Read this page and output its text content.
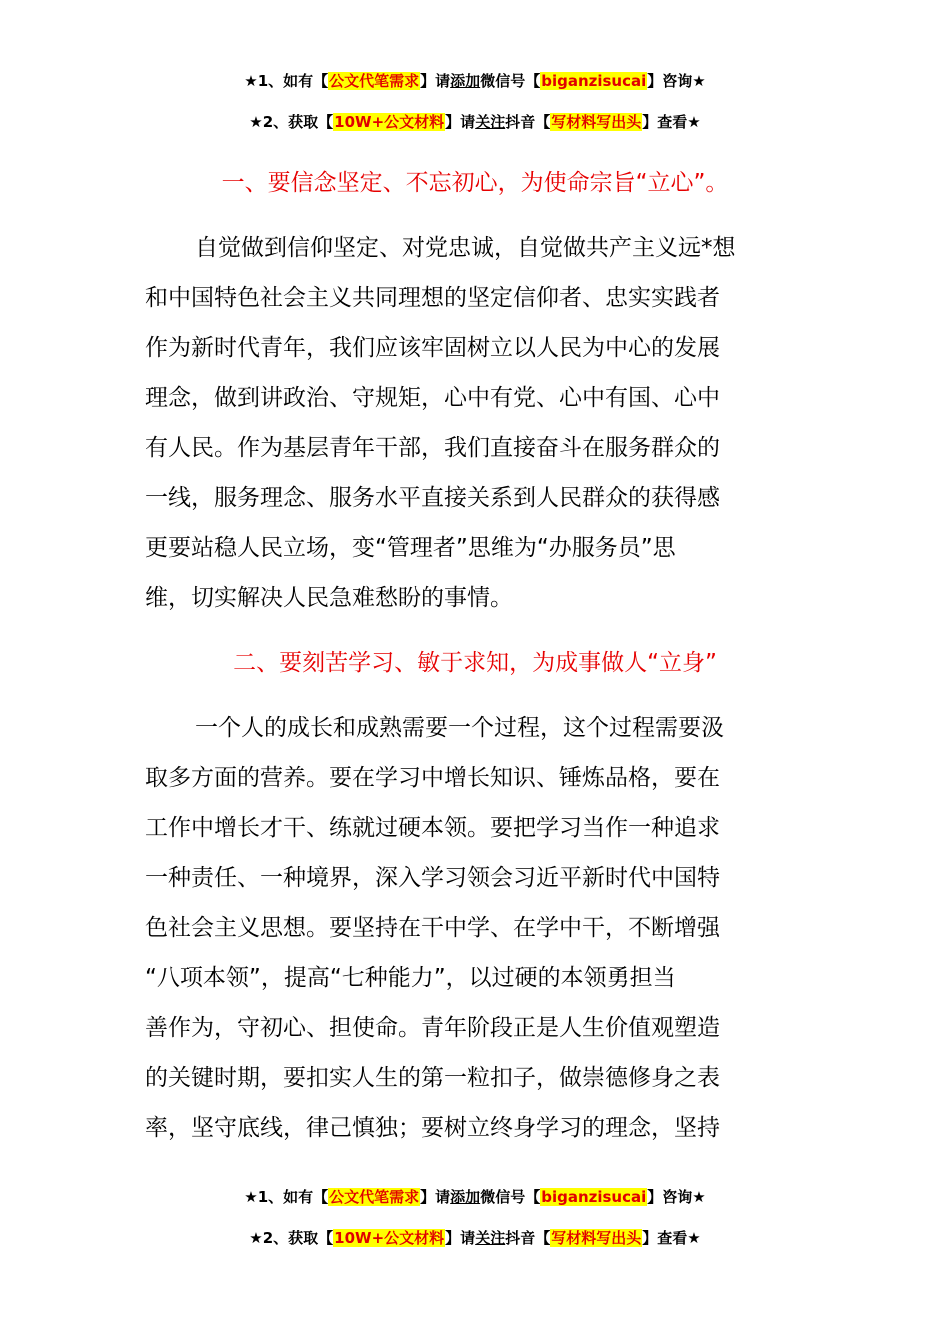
★1、如有【公文代笔需求】请添加微信号【biganzisucai】咨询★
★2、获取【10W+公文材料】请关注抖音【写材料写出头】查看★
一、要信念坚定、不忘初心，为使命宗旨“立心”。
自觉做到信仰坚定、对党忠诚，自觉做共产主义远*想
和中国特色社会主义共同理想的坚定信仰者、忠实实践者
作为新时代青年，我们应该牢固树立以人民为中心的发展
理念，做到讲政治、守规矩，心中有党、心中有国、心中
有人民。作为基层青年干部，我们直接奋斗在服务群众的
一线，服务理念、服务水平直接关系到人民群众的获得感
更要站稳人民立场，变“管理者”思维为“办服务员”思
维，切实解决人民急难愁盼的事情。
二、要刻苦学习、敏于求知，为成事做人“立身”
一个人的成长和成熟需要一个过程，这个过程需要汲
取多方面的营养。要在学习中增长知识、锤炼品格，要在
工作中增长才干、练就过硬本领。要把学习当作一种追求
一种责任、一种境界，深入学习领会习近平新时代中国特
色社会主义思想。要坚持在干中学、在学中干，不断增强
“八项本领”，提高“七种能力”，以过硬的本领勇担当
善作为，守初心、担使命。青年阶段正是人生价值观塑造
的关键时期，要扣实人生的第一粒扣子，做崇德修身之表
率，坚守底线，律己慎独；要树立终身学习的理念，坚持
★1、如有【公文代笔需求】请添加微信号【biganzisucai】咨询★
★2、获取【10W+公文材料】请关注抖音【写材料写出头】查看★
